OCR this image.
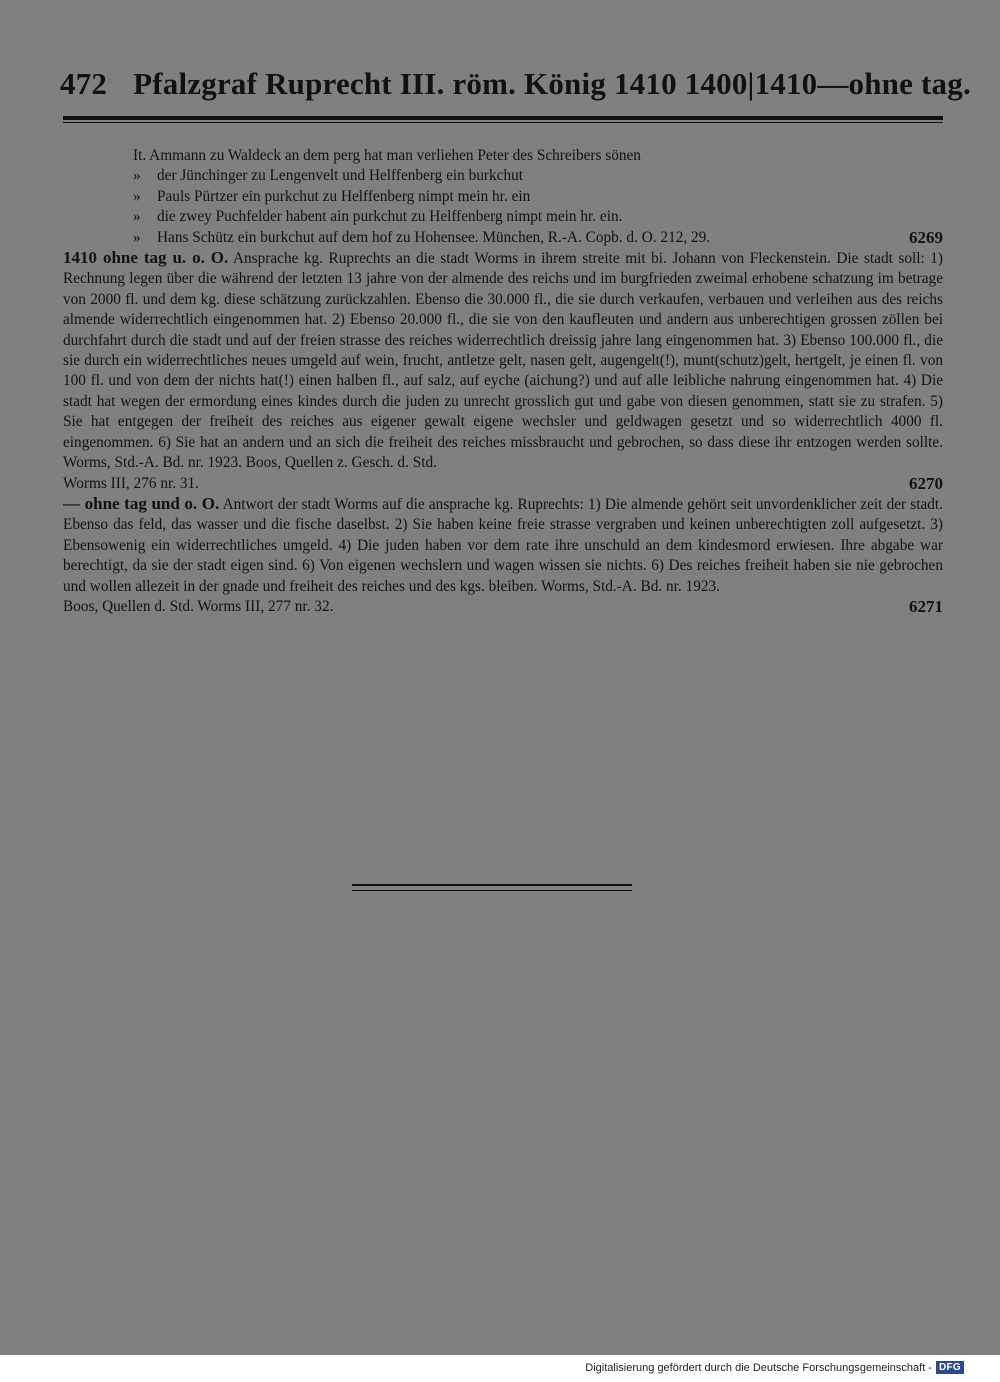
472 Pfalzgraf Ruprecht III. röm. König 1410 1400|1410—ohne tag.
It. Ammann zu Waldeck an dem perg hat man verliehen Peter des Schreibers sönen
» der Jünchinger zu Lengenvelt und Helffenberg ein burkchut
» Pauls Pürtzer ein purkchut zu Helffenberg nimpt mein hr. ein
» die zwey Puchfelder habent ain purkchut zu Helffenberg nimpt mein hr. ein.
» Hans Schütz ein burkchut auf dem hof zu Hohensee. München, R.-A. Copb. d. O. 212, 29.	6269
1410 ohne tag u. o. O. Ansprache kg. Ruprechts an die stadt Worms in ihrem streite mit bi. Johann von Fleckenstein. Die stadt soll: 1) Rechnung legen über die während der letzten 13 jahre von der almende des reichs und im burgfrieden zweimal erhobene schatzung im betrage von 2000 fl. und dem kg. diese schätzung zurückzahlen. Ebenso die 30.000 fl., die sie durch verkaufen, verbauen und verleihen aus des reichs almende widerrechtlich eingenommen hat. 2) Ebenso 20.000 fl., die sie von den kaufleuten und andern aus unberechtigen grossen zöllen bei durchfahrt durch die stadt und auf der freien strasse des reiches widerrechtlich dreissig jahre lang eingenommen hat. 3) Ebenso 100.000 fl., die sie durch ein widerrechtliches neues umgeld auf wein, frucht, antletze gelt, nasen gelt, augengelt(!), munt(schutz)gelt, hertgelt, je einen fl. von 100 fl. und von dem der nichts hat(!) einen halben fl., auf salz, auf eyche (aichung?) und auf alle leibliche nahrung eingenommen hat. 4) Die stadt hat wegen der ermordung eines kindes durch die juden zu unrecht grosslich gut und gabe von diesen genommen, statt sie zu strafen. 5) Sie hat entgegen der freiheit des reiches aus eigener gewalt eigene wechsler und geldwagen gesetzt und so widerrechtlich 4000 fl. eingenommen. 6) Sie hat an andern und an sich die freiheit des reiches missbraucht und gebrochen, so dass diese ihr entzogen werden sollte. Worms, Std.-A. Bd. nr. 1923. Boos, Quellen z. Gesch. d. Std.
Worms III, 276 nr. 31.	6270
— ohne tag und o. O. Antwort der stadt Worms auf die ansprache kg. Ruprechts: 1) Die almende gehört seit unvordenklicher zeit der stadt. Ebenso das feld, das wasser und die fische daselbst. 2) Sie haben keine freie strasse vergraben und keinen unberechtigten zoll aufgesetzt. 3) Ebensowenig ein widerrechtliches umgeld. 4) Die juden haben vor dem rate ihre unschuld an dem kindesmord erwiesen. Ihre abgabe war berechtigt, da sie der stadt eigen sind. 6) Von eigenen wechslern und wagen wissen sie nichts. 6) Des reiches freiheit haben sie nie gebrochen und wollen allezeit in der gnade und freiheit des reiches und des kgs. bleiben. Worms, Std.-A. Bd. nr. 1923.
Boos, Quellen d. Std. Worms III, 277 nr. 32.	6271
Digitalisierung gefördert durch die Deutsche Forschungsgemeinschaft - DFG
